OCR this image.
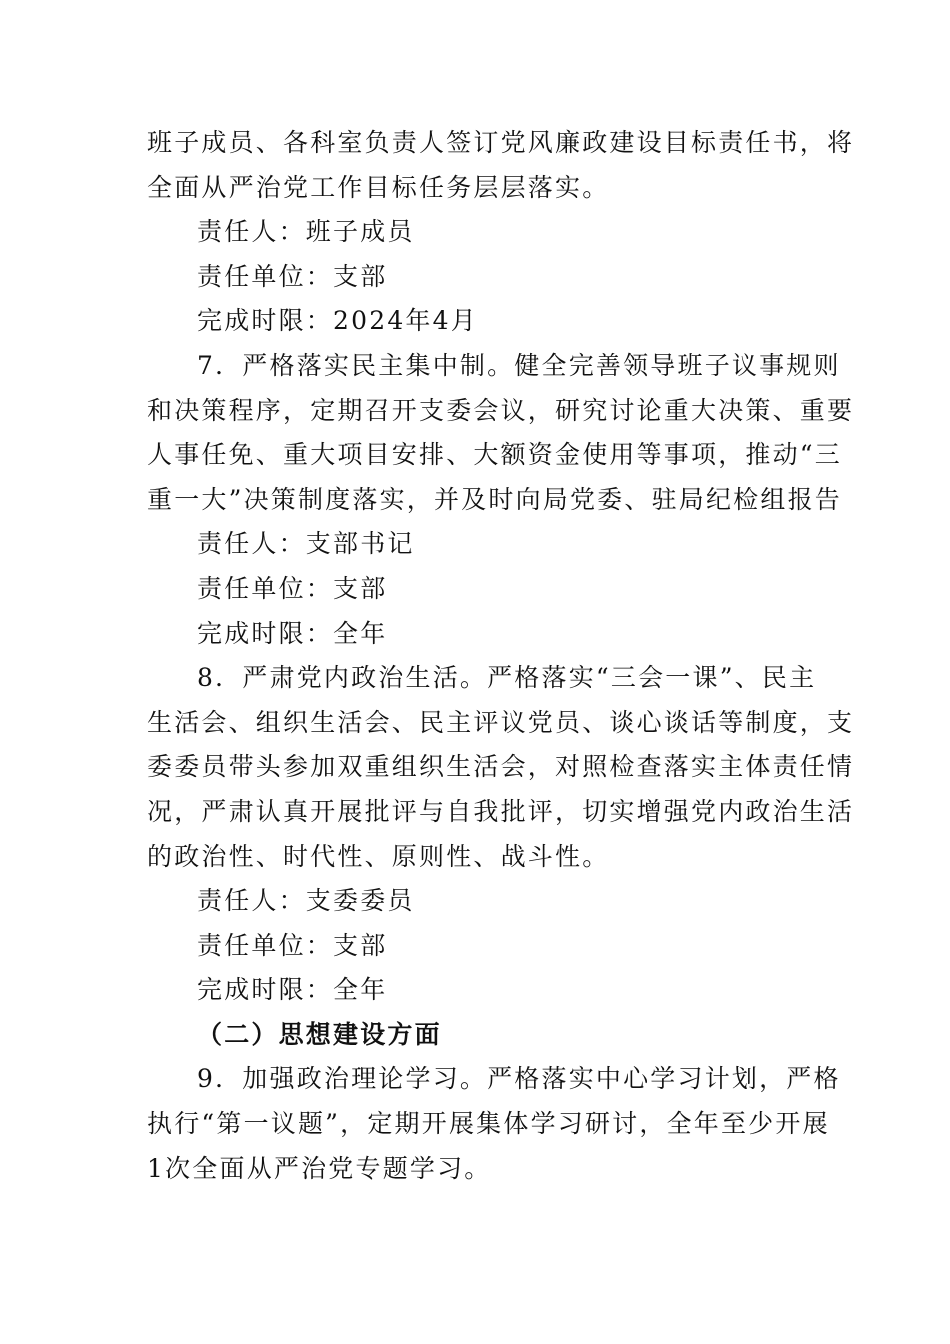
班子成员、各科室负责人签订党风廉政建设目标责任书，将
全面从严治党工作目标任务层层落实。
责任人：班子成员
责任单位：支部
完成时限：2024年4月
7．严格落实民主集中制。健全完善领导班子议事规则
和决策程序，定期召开支委会议，研究讨论重大决策、重要
人事任免、重大项目安排、大额资金使用等事项，推动“三
重一大”决策制度落实，并及时向局党委、驻局纪检组报告
责任人：支部书记
责任单位：支部
完成时限：全年
8．严肃党内政治生活。严格落实“三会一课”、民主
生活会、组织生活会、民主评议党员、谈心谈话等制度，支
委委员带头参加双重组织生活会，对照检查落实主体责任情
况，严肃认真开展批评与自我批评，切实增强党内政治生活
的政治性、时代性、原则性、战斗性。
责任人：支委委员
责任单位：支部
完成时限：全年
（二）思想建设方面
9．加强政治理论学习。严格落实中心学习计划，严格
执行“第一议题”，定期开展集体学习研讨，全年至少开展
1次全面从严治党专题学习。
